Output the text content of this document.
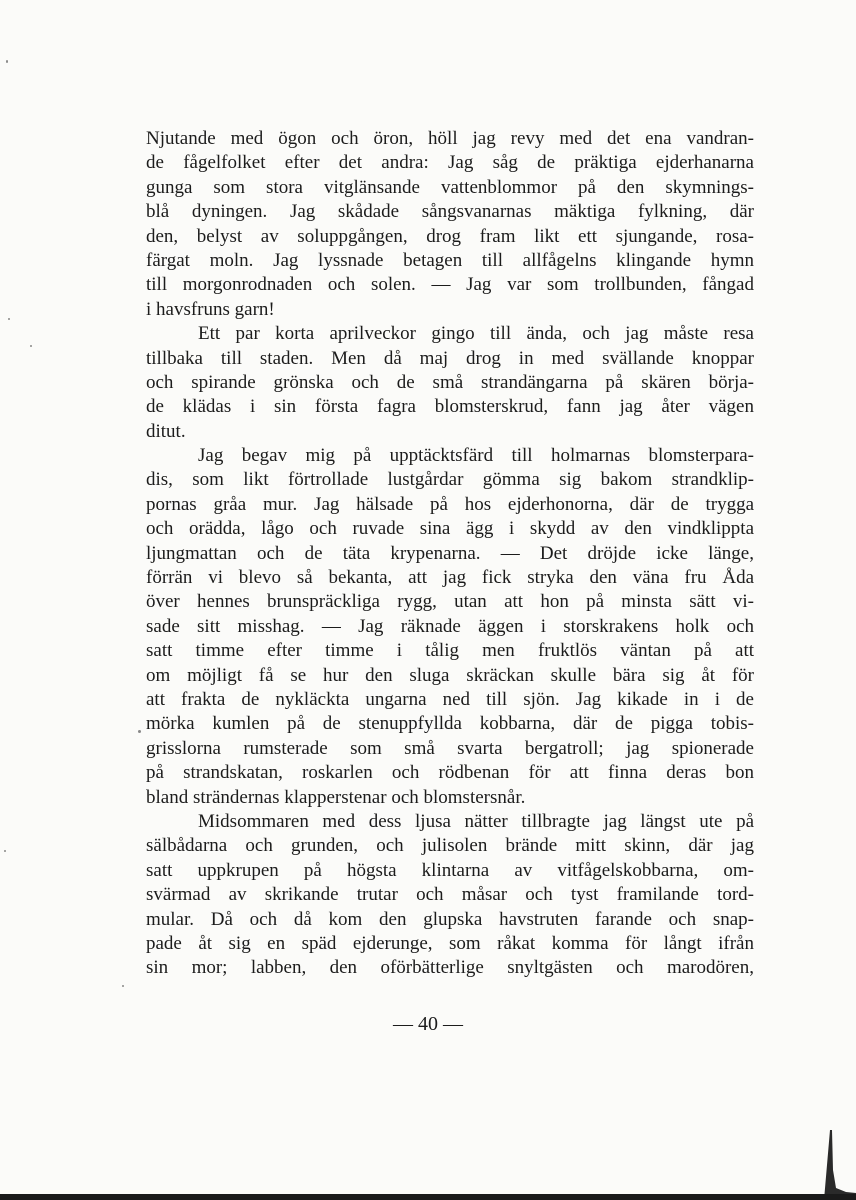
Njutande med ögon och öron, höll jag revy med det ena vandran-
de fågelfolket efter det andra: Jag såg de präktiga ejderhanarna
gunga som stora vitglänsande vattenblommor på den skymnings-
blå dyningen. Jag skådade sångsvanarnas mäktiga fylkning, där
den, belyst av soluppgången, drog fram likt ett sjungande, rosa-
färgat moln. Jag lyssnade betagen till allfågelns klingande hymn
till morgonrodnaden och solen. — Jag var som trollbunden, fångad
i havsfruns garn!
Ett par korta aprilveckor gingo till ända, och jag måste resa
tillbaka till staden. Men då maj drog in med svällande knoppar
och spirande grönska och de små strandängarna på skären börja-
de klädas i sin första fagra blomsterskrud, fann jag åter vägen
ditut.
Jag begav mig på upptäcktsfärd till holmarnas blomsterpara-
dis, som likt förtrollade lustgårdar gömma sig bakom strandklip-
pornas gråa mur. Jag hälsade på hos ejderhonorna, där de trygga
och orädda, lågo och ruvade sina ägg i skydd av den vindklippta
ljungmattan och de täta krypenarna. — Det dröjde icke länge,
förrän vi blevo så bekanta, att jag fick stryka den väna fru Åda
över hennes brunspräckliga rygg, utan att hon på minsta sätt vi-
sade sitt misshag. — Jag räknade äggen i storskrakens holk och
satt timme efter timme i tålig men fruktlös väntan på att
om möjligt få se hur den sluga skräckan skulle bära sig åt för
att frakta de nykläckta ungarna ned till sjön. Jag kikade in i de
mörka kumlen på de stenuppfyllda kobbarna, där de pigga tobis-
grisslorna rumsterade som små svarta bergatroll; jag spionerade
på strandskatan, roskarlen och rödbenan för att finna deras bon
bland strändernas klapperstenar och blomstersnår.
Midsommaren med dess ljusa nätter tillbragte jag längst ute på
sälbådarna och grunden, och julisolen brände mitt skinn, där jag
satt uppkrupen på högsta klintarna av vitfågelskobbarna, om-
svärmad av skrikande trutar och måsar och tyst framilande tord-
mular. Då och då kom den glupska havstruten farande och snap-
pade åt sig en späd ejderunge, som råkat komma för långt ifrån
sin mor; labben, den oförbätterlige snyltgästen och marodören,
— 40 —
